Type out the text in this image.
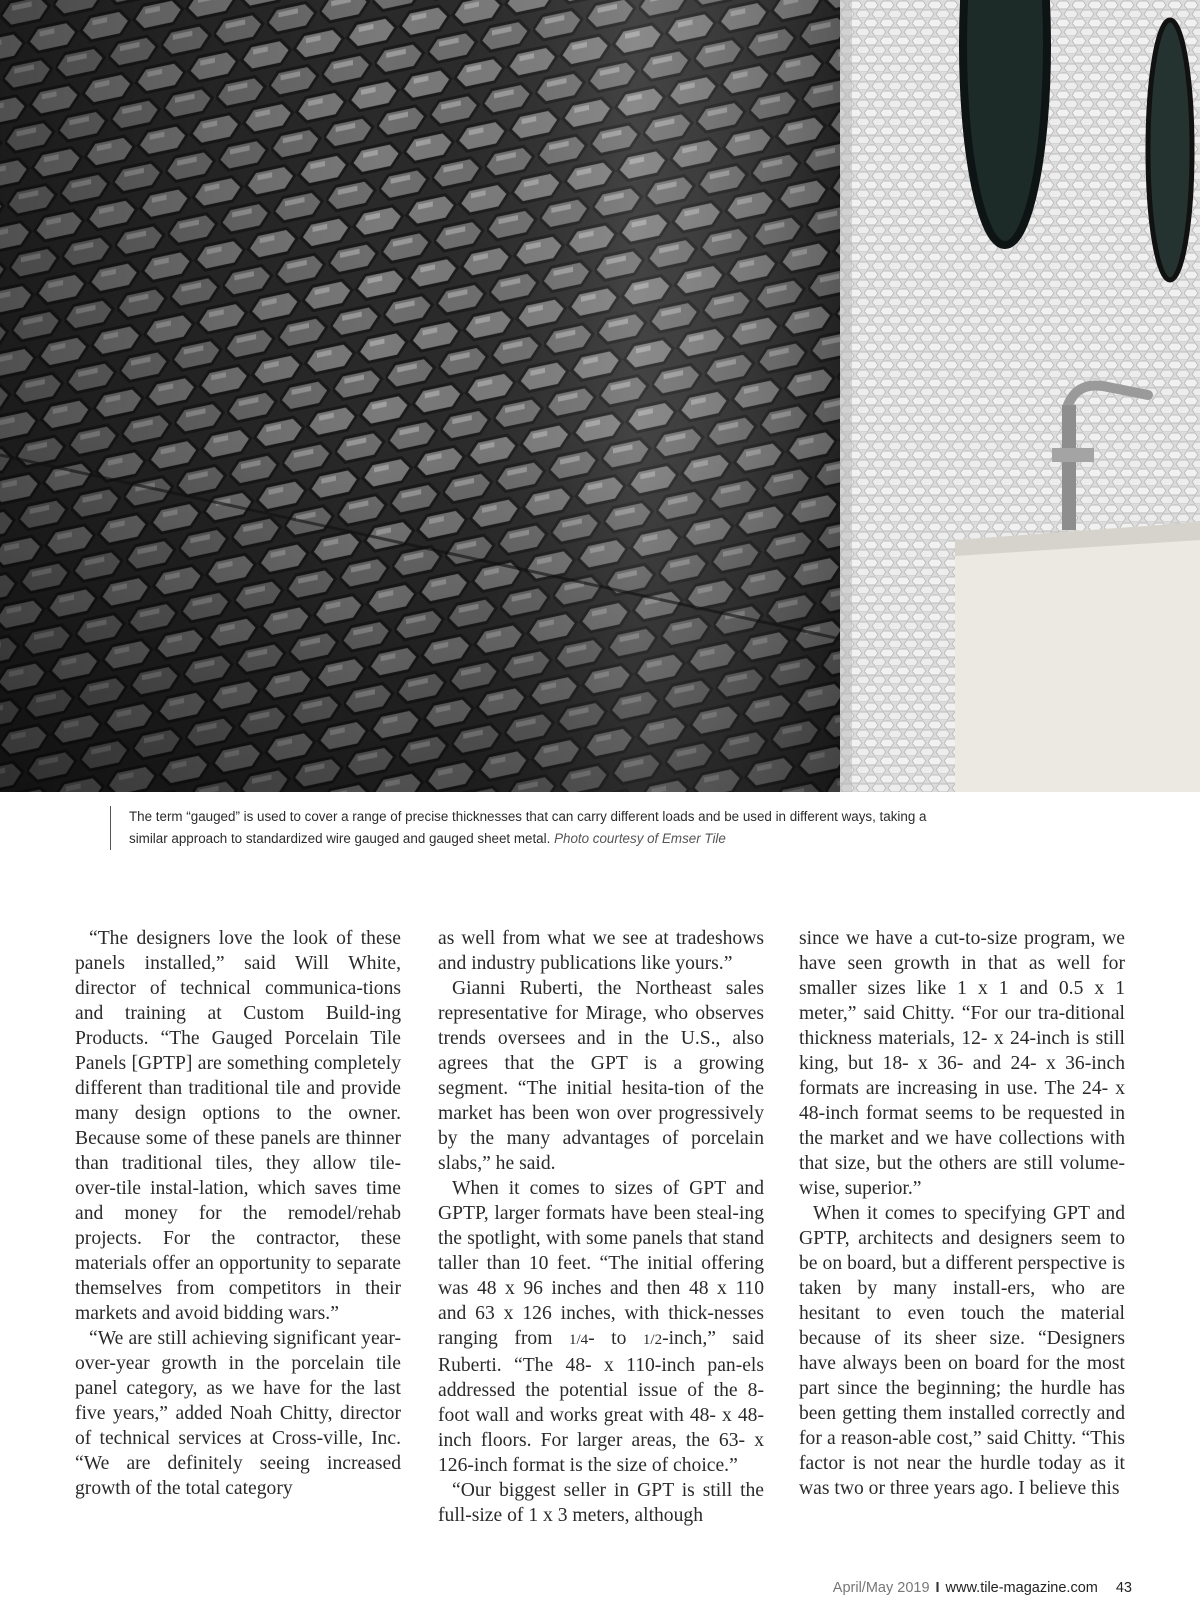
The term “gauged” is used to cover a range of precise thicknesses that can carry different loads and be used in different ways, taking a similar approach to standardized wire gauged and gauged sheet metal. Photo courtesy of Emser Tile

“The designers love the look of these panels installed,” said Will White, director of technical communica-tions and training at Custom Build-ing Products. “The Gauged Porcelain Tile Panels [GPTP] are something completely different than traditional tile and provide many design options to the owner. Because some of these panels are thinner than traditional tiles, they allow tile-over-tile instal-lation, which saves time and money for the remodel/rehab projects. For the contractor, these materials offer an opportunity to separate themselves from competitors in their markets and avoid bidding wars.”

“We are still achieving significant year-over-year growth in the porcelain tile panel category, as we have for the last five years,” added Noah Chitty, director of technical services at Cross-ville, Inc. “We are definitely seeing increased growth of the total category

as well from what we see at tradeshows and industry publications like yours.”

Gianni Ruberti, the Northeast sales representative for Mirage, who observes trends oversees and in the U.S., also agrees that the GPT is a growing segment. “The initial hesita-tion of the market has been won over progressively by the many advantages of porcelain slabs,” he said.

When it comes to sizes of GPT and GPTP, larger formats have been steal-ing the spotlight, with some panels that stand taller than 10 feet. “The initial offering was 48 x 96 inches and then 48 x 110 and 63 x 126 inches, with thick-nesses ranging from 1/4- to 1/2-inch,” said Ruberti. “The 48- x 110-inch pan-els addressed the potential issue of the 8-foot wall and works great with 48- x 48-inch floors. For larger areas, the 63- x 126-inch format is the size of choice.”

“Our biggest seller in GPT is still the full-size of 1 x 3 meters, although

since we have a cut-to-size program, we have seen growth in that as well for smaller sizes like 1 x 1 and 0.5 x 1 meter,” said Chitty. “For our tra-ditional thickness materials, 12- x 24-inch is still king, but 18- x 36- and 24- x 36-inch formats are increasing in use. The 24- x 48-inch format seems to be requested in the market and we have collections with that size, but the others are still volume-wise, superior.”

When it comes to specifying GPT and GPTP, architects and designers seem to be on board, but a different perspective is taken by many install-ers, who are hesitant to even touch the material because of its sheer size. “Designers have always been on board for the most part since the beginning; the hurdle has been getting them installed correctly and for a reason-able cost,” said Chitty. “This factor is not near the hurdle today as it was two or three years ago. I believe this

April/May 2019 I www.tile-magazine.com 43
